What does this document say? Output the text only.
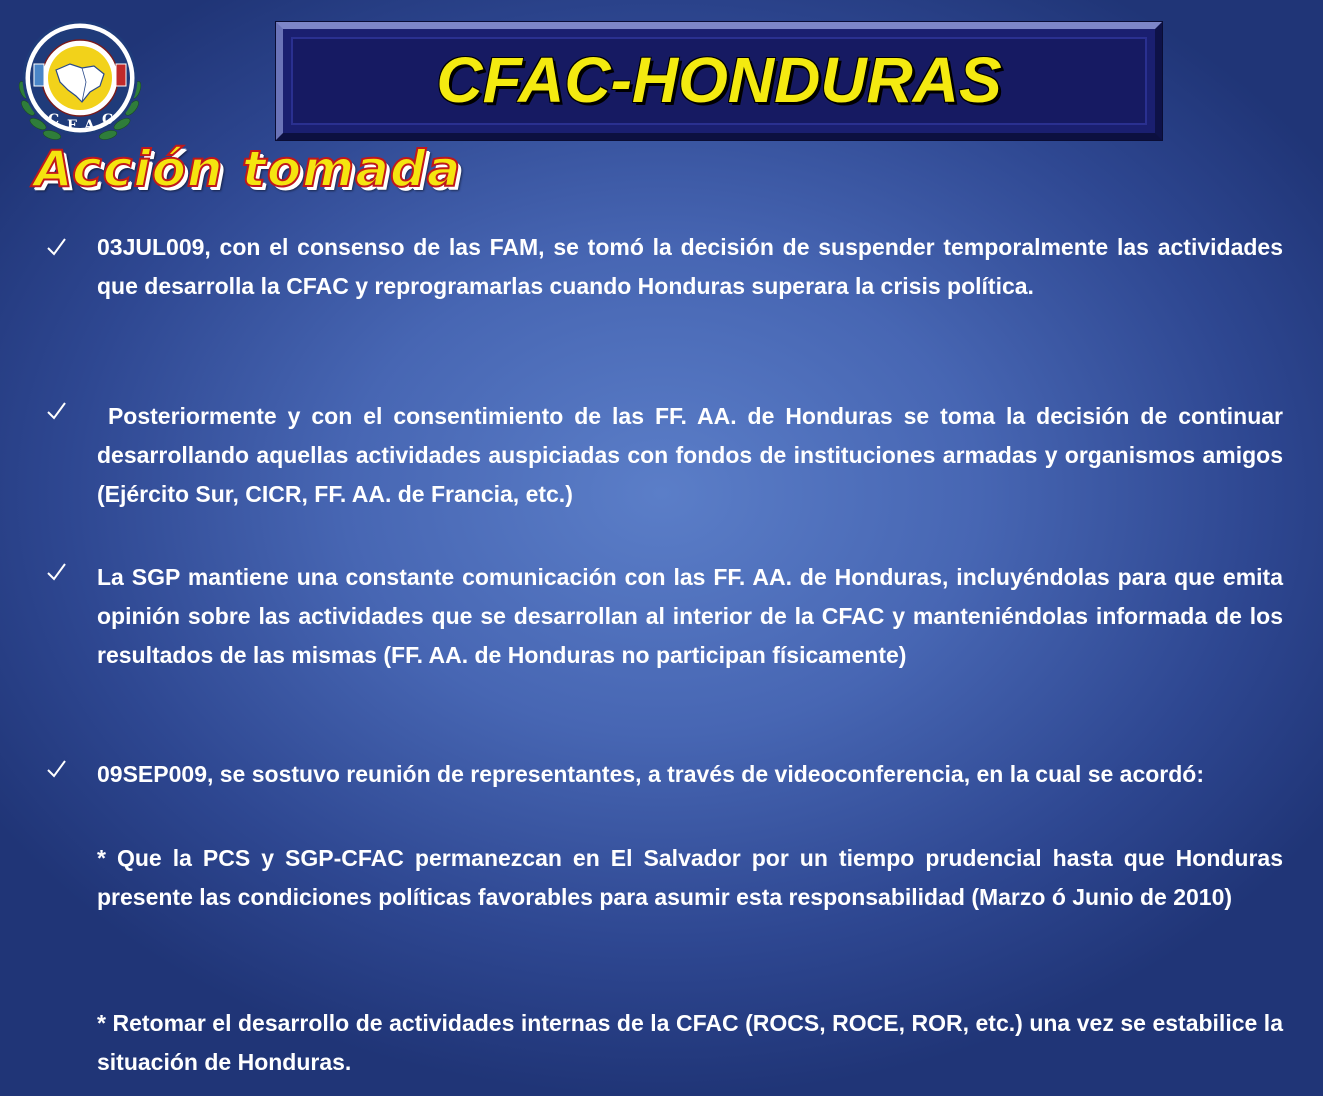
C F A C
CFAC-HONDURAS
Acción tomada
03JUL009, con el consenso de las FAM, se tomó la decisión de suspender temporalmente las actividades que desarrolla la CFAC y reprogramarlas cuando Honduras superara la crisis política.
Posteriormente y con el consentimiento de las FF. AA. de Honduras se toma la decisión de continuar desarrollando aquellas actividades auspiciadas con fondos de instituciones armadas y organismos amigos (Ejército Sur, CICR, FF. AA. de Francia, etc.)
La SGP mantiene una constante comunicación con las FF. AA. de Honduras, incluyéndolas para que emita opinión sobre las actividades que se desarrollan al interior de la CFAC y manteniéndolas informada de los resultados de las mismas (FF. AA. de Honduras no participan físicamente)
09SEP009, se sostuvo reunión de representantes, a través de videoconferencia, en la cual se acordó:
* Que la PCS y SGP-CFAC permanezcan en El Salvador por un tiempo prudencial hasta que Honduras presente las condiciones políticas favorables para asumir esta responsabilidad (Marzo ó Junio de 2010)
* Retomar el desarrollo de actividades internas de la CFAC (ROCS, ROCE, ROR, etc.) una vez se estabilice la situación de Honduras.
